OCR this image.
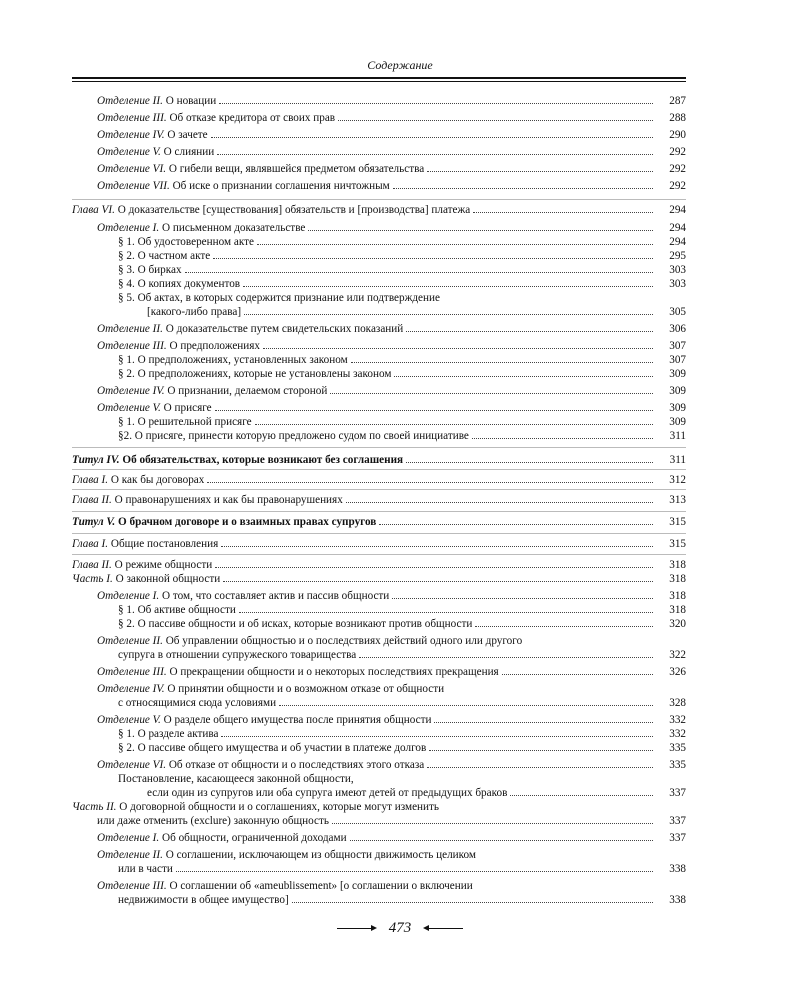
Содержание
Отделение II. О новации	287
Отделение III. Об отказе кредитора от своих прав	288
Отделение IV. О зачете	290
Отделение V. О слиянии	292
Отделение VI. О гибели вещи, являвшейся предметом обязательства	292
Отделение VII. Об иске о признании соглашения ничтожным	292
Глава VI. О доказательстве [существования] обязательств и [производства] платежа	294
Отделение I. О письменном доказательстве	294
§ 1. Об удостоверенном акте	294
§ 2. О частном акте	295
§ 3. О бирках	303
§ 4. О копиях документов	303
§ 5. Об актах, в которых содержится признание или подтверждение
[какого-либо права]	305
Отделение II. О доказательстве путем свидетельских показаний	306
Отделение III. О предположениях	307
§ 1. О предположениях, установленных законом	307
§ 2. О предположениях, которые не установлены законом	309
Отделение IV. О признании, делаемом стороной	309
Отделение V. О присяге	309
§ 1. О решительной присяге	309
§2. О присяге, принести которую предложено судом по своей инициативе	311
Титул IV. Об обязательствах, которые возникают без соглашения	311
Глава I. О как бы договорах	312
Глава II. О правонарушениях и как бы правонарушениях	313
Титул V. О брачном договоре и о взаимных правах супругов	315
Глава I. Общие постановления	315
Глава II. О режиме общности	318
Часть I. О законной общности	318
Отделение I. О том, что составляет актив и пассив общности	318
§ 1. Об активе общности	318
§ 2. О пассиве общности и об исках, которые возникают против общности	320
Отделение II. Об управлении общностью и о последствиях действий одного или другого
супруга в отношении супружеского товарищества	322
Отделение III. О прекращении общности и о некоторых последствиях прекращения	326
Отделение IV. О принятии общности и о возможном отказе от общности
с относящимися сюда условиями	328
Отделение V. О разделе общего имущества после принятия общности	332
§ 1. О разделе актива	332
§ 2. О пассиве общего имущества и об участии в платеже долгов	335
Отделение VI. Об отказе от общности и о последствиях этого отказа	335
Постановление, касающееся законной общности,
если один из супругов или оба супруга имеют детей от предыдущих браков	337
Часть II. О договорной общности и о соглашениях, которые могут изменить
или даже отменить (exclure) законную общность	337
Отделение I. Об общности, ограниченной доходами	337
Отделение II. О соглашении, исключающем из общности движимость целиком
или в части	338
Отделение III. О соглашении об «ameublissement» [о соглашении о включении
недвижимости в общее имущество]	338
473
